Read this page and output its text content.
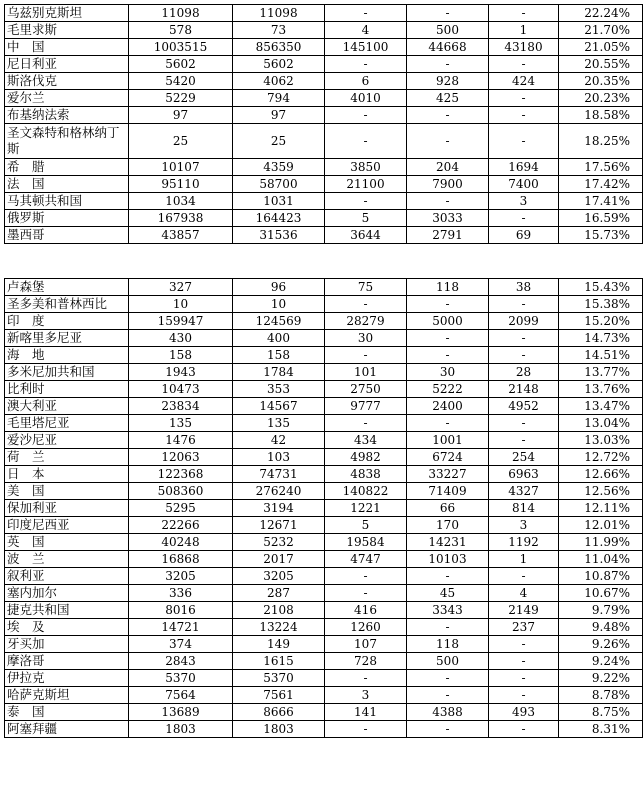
乌兹别克斯坦	11098	11098	-	-	-	22.24%
毛里求斯	578	73	4	500	1	21.70%
中　国	1003515	856350	145100	44668	43180	21.05%
尼日利亚	5602	5602	-	-	-	20.55%
斯洛伐克	5420	4062	6	928	424	20.35%
爱尔兰	5229	794	4010	425	-	20.23%
布基纳法索	97	97	-	-	-	18.58%
圣文森特和格林纳丁斯	25	25	-	-	-	18.25%
希　腊	10107	4359	3850	204	1694	17.56%
法　国	95110	58700	21100	7900	7400	17.42%
马其顿共和国	1034	1031	-	-	3	17.41%
俄罗斯	167938	164423	5	3033	-	16.59%
墨西哥	43857	31536	3644	2791	69	15.73%
卢森堡	327	96	75	118	38	15.43%
圣多美和普林西比	10	10	-	-	-	15.38%
印　度	159947	124569	28279	5000	2099	15.20%
新喀里多尼亚	430	400	30	-	-	14.73%
海　地	158	158	-	-	-	14.51%
多米尼加共和国	1943	1784	101	30	28	13.77%
比利时	10473	353	2750	5222	2148	13.76%
澳大利亚	23834	14567	9777	2400	4952	13.47%
毛里塔尼亚	135	135	-	-	-	13.04%
爱沙尼亚	1476	42	434	1001	-	13.03%
荷　兰	12063	103	4982	6724	254	12.72%
日　本	122368	74731	4838	33227	6963	12.66%
美　国	508360	276240	140822	71409	4327	12.56%
保加利亚	5295	3194	1221	66	814	12.11%
印度尼西亚	22266	12671	5	170	3	12.01%
英　国	40248	5232	19584	14231	1192	11.99%
波　兰	16868	2017	4747	10103	1	11.04%
叙利亚	3205	3205	-	-	-	10.87%
塞内加尔	336	287	-	45	4	10.67%
捷克共和国	8016	2108	416	3343	2149	9.79%
埃　及	14721	13224	1260	-	237	9.48%
牙买加	374	149	107	118	-	9.26%
摩洛哥	2843	1615	728	500	-	9.24%
伊拉克	5370	5370	-	-	-	9.22%
哈萨克斯坦	7564	7561	3	-	-	8.78%
泰　国	13689	8666	141	4388	493	8.75%
阿塞拜疆	1803	1803	-	-	-	8.31%
